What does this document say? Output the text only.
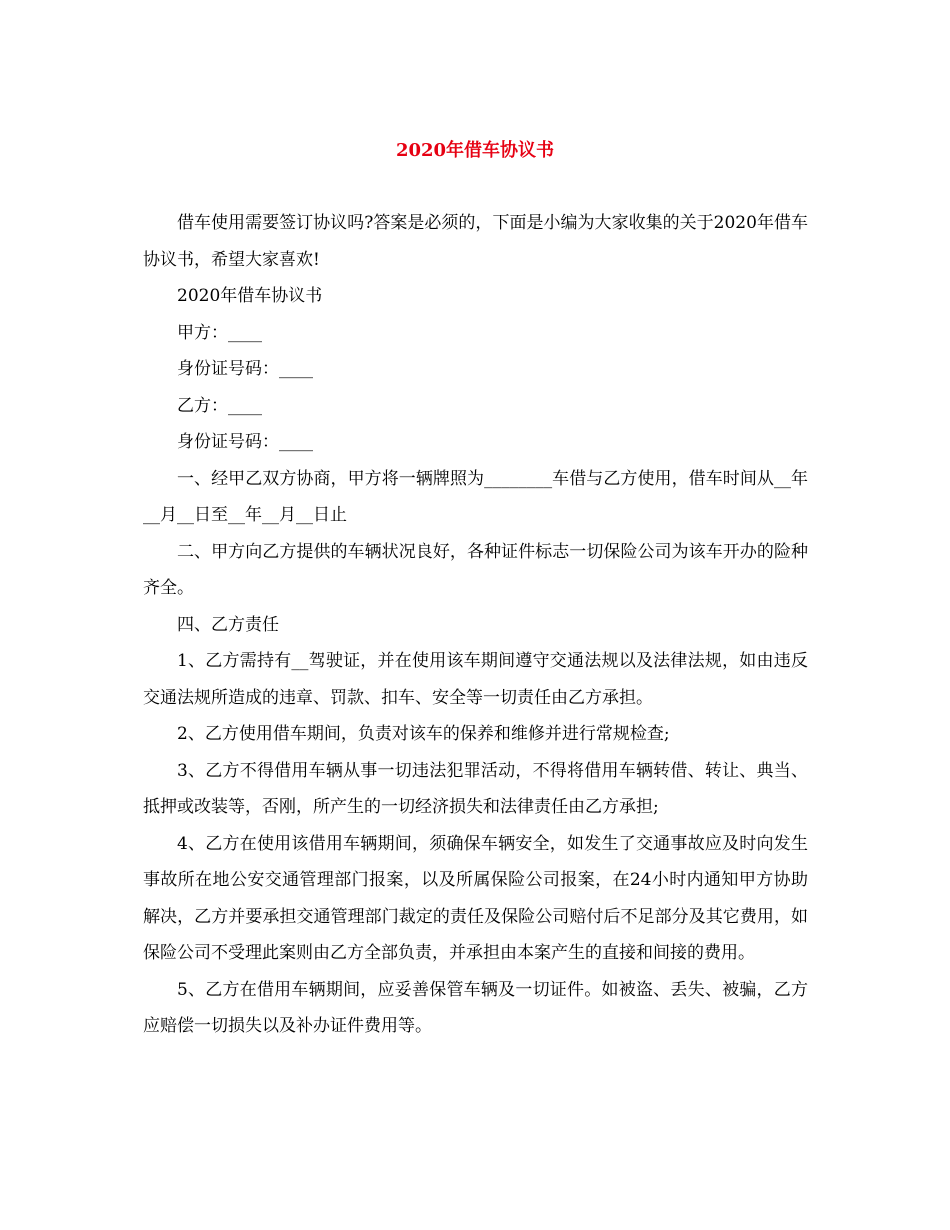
2020年借车协议书

借车使用需要签订协议吗?答案是必须的，下面是小编为大家收集的关于2020年借车协议书，希望大家喜欢!

2020年借车协议书

甲方：____

身份证号码：____

乙方：____

身份证号码：____

一、经甲乙双方协商，甲方将一辆牌照为________车借与乙方使用，借车时间从__年__月__日至__年__月__日止

二、甲方向乙方提供的车辆状况良好，各种证件标志一切保险公司为该车开办的险种齐全。

四、乙方责任

1、乙方需持有__驾驶证，并在使用该车期间遵守交通法规以及法律法规，如由违反交通法规所造成的违章、罚款、扣车、安全等一切责任由乙方承担。

2、乙方使用借车期间，负责对该车的保养和维修并进行常规检查;

3、乙方不得借用车辆从事一切违法犯罪活动，不得将借用车辆转借、转让、典当、抵押或改装等，否刚，所产生的一切经济损失和法律责任由乙方承担;

4、乙方在使用该借用车辆期间，须确保车辆安全，如发生了交通事故应及时向发生事故所在地公安交通管理部门报案，以及所属保险公司报案，在24小时内通知甲方协助解决，乙方并要承担交通管理部门裁定的责任及保险公司赔付后不足部分及其它费用，如保险公司不受理此案则由乙方全部负责，并承担由本案产生的直接和间接的费用。

5、乙方在借用车辆期间，应妥善保管车辆及一切证件。如被盗、丢失、被骗，乙方应赔偿一切损失以及补办证件费用等。
